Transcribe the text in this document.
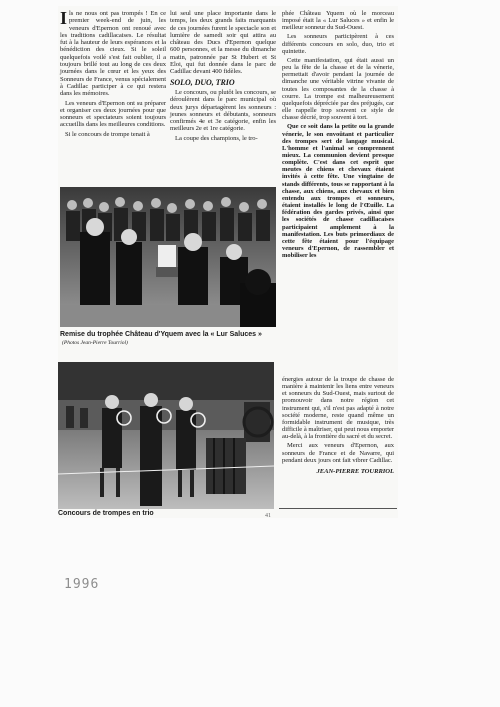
Ils ne nous ont pas trompés ! En ce premier week-end de juin, les veneurs d'Epernon ont renoué avec les traditions cadillacaises. Le résultat fut à la hauteur de leurs espérances et la bénédiction des cieux. Si le soleil quelquefois voilé s'est fait oublier, il a toujours brillé tout au long de ces deux journées dans le cœur et les yeux des Sonneurs de France, venus spécialement à Cadillac participer à ce qui restera dans les mémoires.

Les veneurs d'Epernon ont su préparer et organiser ces deux journées pour que sonneurs et spectateurs soient toujours accueillis dans les meilleures conditions.

Si le concours de trompe tenait à

lui seul une place importante dans le temps, les deux grands faits marquants de ces journées furent le spectacle son et lumière de samedi soir qui attira au château des Ducs d'Epernon quelque 600 personnes, et la messe du dimanche matin, patronnée par St Hubert et St Eloi, qui fut donnée dans le parc de Cadillac devant 400 fidèles.

SOLO, DUO, TRIO

Le concours, ou plutôt les concours, se déroulèrent dans le parc municipal où deux jurys départagèrent les sonneurs : jeunes sonneurs et débutants, sonneurs confirmés 4e et 3e catégorie, enfin les meilleurs 2e et 1re catégorie.

La coupe des champions, le tro-

phée Château Yquem où le morceau imposé était la « Lur Saluces » et enfin le meilleur sonneur du Sud-Ouest.

Les sonneurs participèrent à ces différents concours en solo, duo, trio et quintette.

Cette manifestation, qui était aussi un peu la fête de la chasse et de la vénerie, permettait d'avoir pendant la journée de dimanche une véritable vitrine vivante de toutes les composantes de la chasse à courre. La trompe est malheureusement quelquefois dépréciée par des préjugés, car elle rappelle trop souvent ce style de chasse décrié, trop souvent à tort.

Que ce soit dans la petite ou la grande vénerie, le son envoûtant et particulier des trompes sert de langage musical. L'homme et l'animal se comprennent mieux. La communion devient presque complète. C'est dans cet esprit que meutes de chiens et chevaux étaient invités à cette fête. Une vingtaine de stands différents, tous se rapportant à la chasse, aux chiens, aux chevaux et bien entendu aux trompes et sonneurs, étaient installés le long de l'Œuille. La fédération des gardes privés, ainsi que les sociétés de chasse cadillacaises participaient amplement à la manifestation. Les buts primordiaux de cette fête étaient pour l'équipage veneurs d'Epernon, de rassembler et mobiliser les

Remise du trophée Château d'Yquem avec la « Lur Saluces »
(Photos Jean-Pierre Tourriol)
Concours de trompes en trio

énergies autour de la troupe de chasse de manière à maintenir les liens entre veneurs et sonneurs du Sud-Ouest, mais surtout de promouvoir dans notre région cet instrument qui, s'il n'est pas adapté à notre société moderne, reste quand même un formidable instrument de musique, très difficile à maîtriser, qui peut nous emporter au-delà, à la frontière du sacré et du secret.

Merci aux veneurs d'Epernon, aux sonneurs de France et de Navarre, qui pendant deux jours ont fait vibrer Cadillac.

JEAN-PIERRE TOURRIOL

41
1996
